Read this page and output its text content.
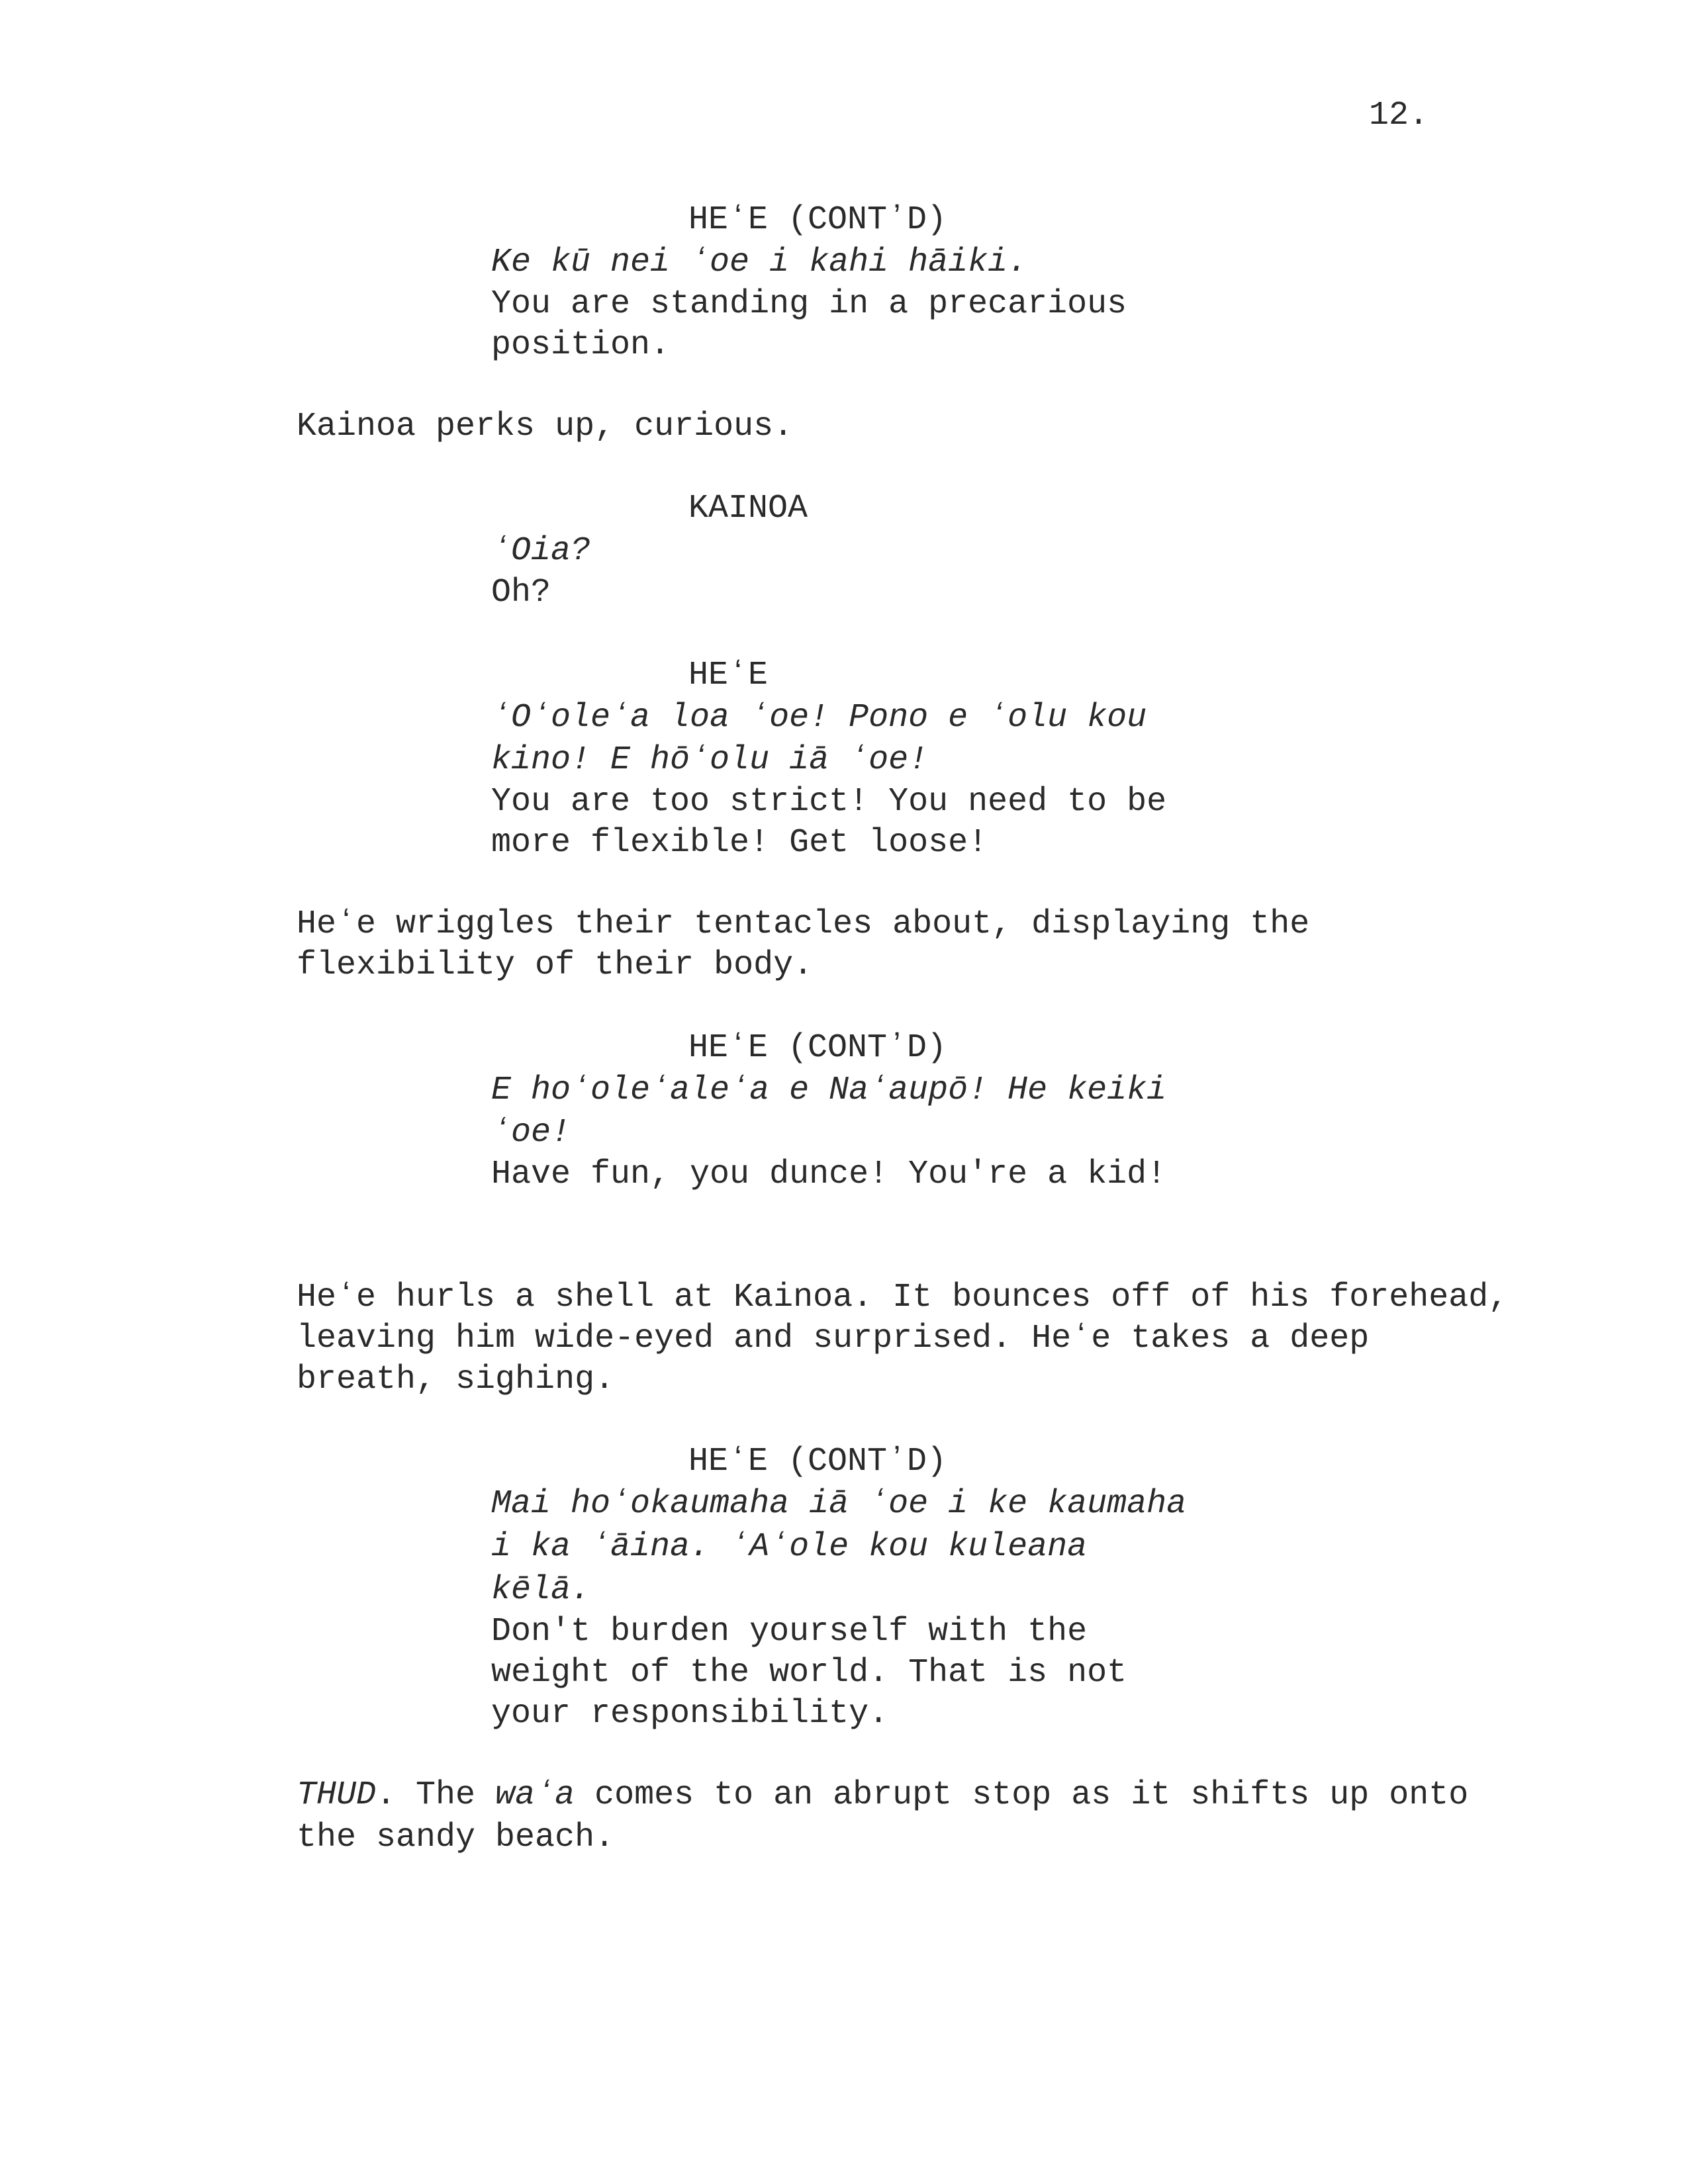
12.
HEʻE (CONTʼD)
Ke kū nei ʻoe i kahi hāiki.
You are standing in a precarious
position.
Kainoa perks up, curious.
KAINOA
ʻOia?
Oh?
HEʻE
ʻOʻoleʻa loa ʻoe! Pono e ʻolu kou
kino! E hōʻolu iā ʻoe!
You are too strict! You need to be
more flexible! Get loose!
Heʻe wriggles their tentacles about, displaying the
flexibility of their body.
HEʻE (CONTʼD)
E hoʻoleʻaleʻa e Naʻaupō! He keiki
ʻoe!
Have fun, you dunce! You're a kid!
Heʻe hurls a shell at Kainoa. It bounces off of his forehead,
leaving him wide-eyed and surprised. Heʻe takes a deep
breath, sighing.
HEʻE (CONTʼD)
Mai hoʻokaumaha iā ʻoe i ke kaumaha
i ka ʻāina. ʻAʻole kou kuleana
kēlā.
Don't burden yourself with the
weight of the world. That is not
your responsibility.
THUD. The waʻa comes to an abrupt stop as it shifts up onto
the sandy beach.
